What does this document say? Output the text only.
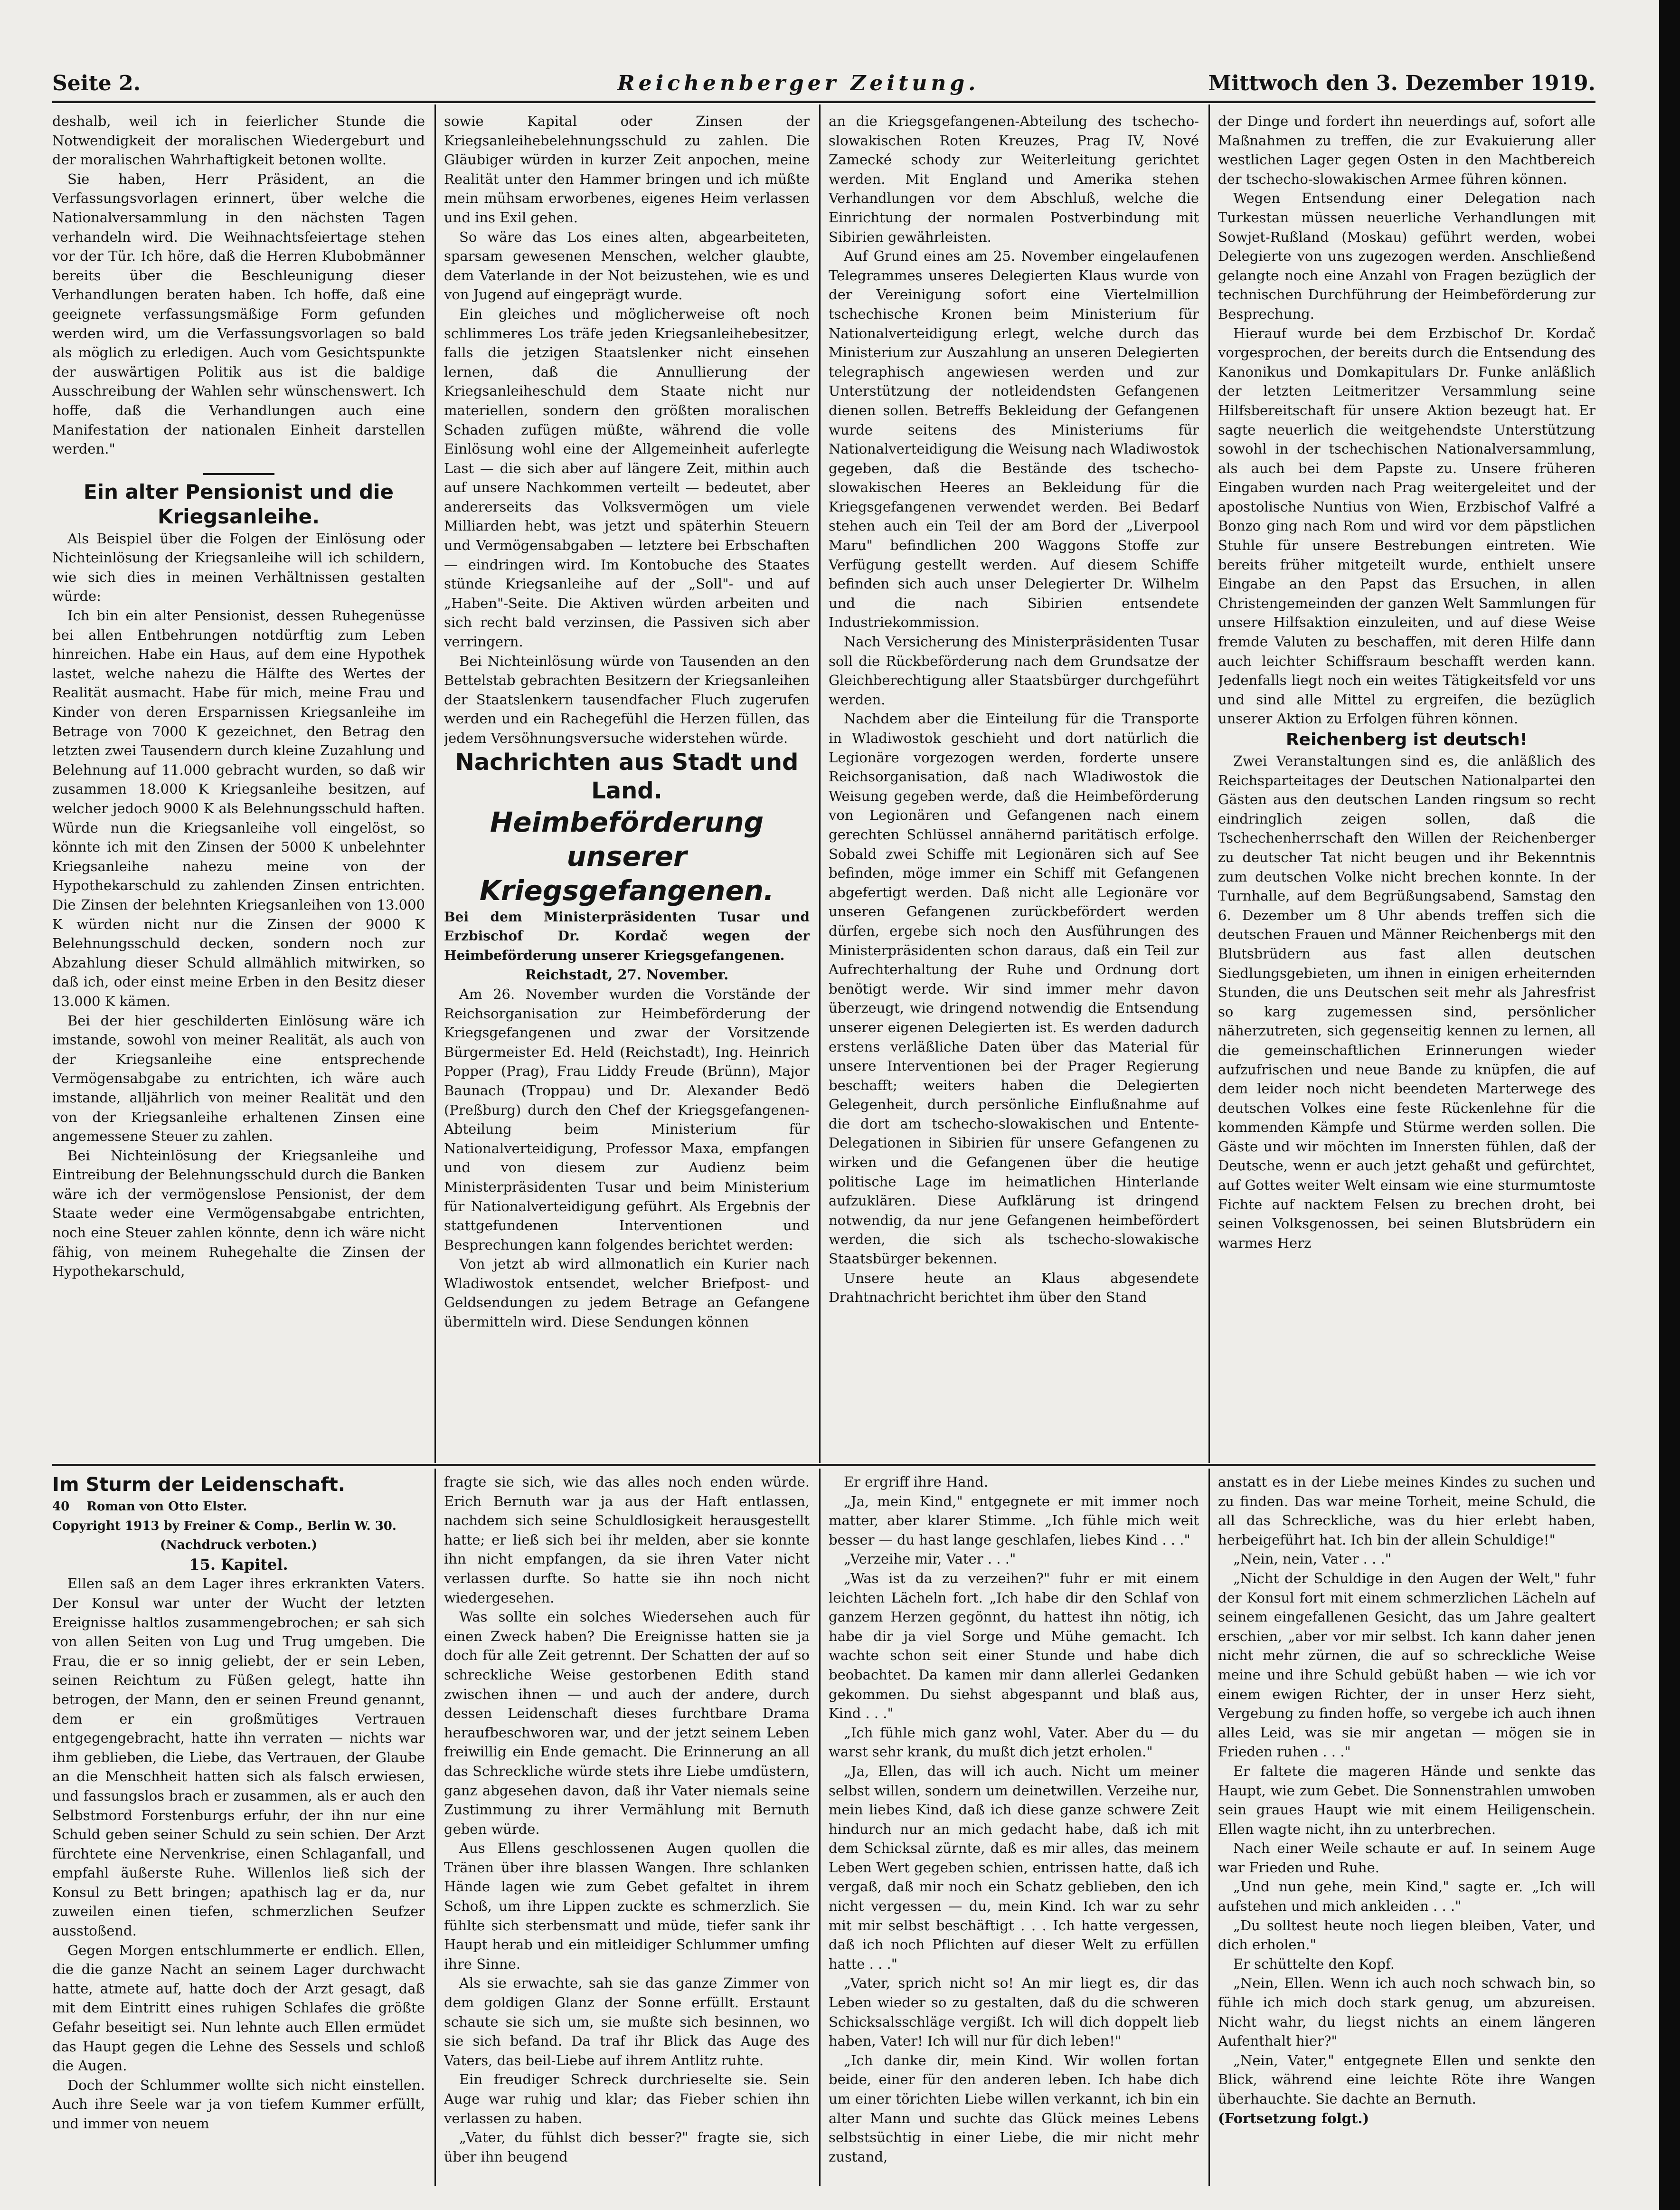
Seite 2.	Reichenberger Zeitung.	Mittwoch den 3. Dezember 1919.

deshalb, weil ich in feierlicher Stunde die Notwendigkeit der moralischen Wiedergeburt und der moralischen Wahrhaftigkeit betonen wollte.

Sie haben, Herr Präsident, an die Verfassungsvorlagen erinnert, über welche die Nationalversammlung in den nächsten Tagen verhandeln wird. Die Weihnachtsfeiertage stehen vor der Tür. Ich höre, daß die Herren Klubobmänner bereits über die Beschleunigung dieser Verhandlungen beraten haben. Ich hoffe, daß eine geeignete verfassungsmäßige Form gefunden werden wird, um die Verfassungsvorlagen so bald als möglich zu erledigen. Auch vom Gesichtspunkte der auswärtigen Politik aus ist die baldige Ausschreibung der Wahlen sehr wünschenswert. Ich hoffe, daß die Verhandlungen auch eine Manifestation der nationalen Einheit darstellen werden."

Ein alter Pensionist und die Kriegsanleihe.

Als Beispiel über die Folgen der Einlösung oder Nichteinlösung der Kriegsanleihe will ich schildern, wie sich dies in meinen Verhältnissen gestalten würde:

Ich bin ein alter Pensionist, dessen Ruhegenüsse bei allen Entbehrungen notdürftig zum Leben hinreichen. Habe ein Haus, auf dem eine Hypothek lastet, welche nahezu die Hälfte des Wertes der Realität ausmacht. Habe für mich, meine Frau und Kinder von deren Ersparnissen Kriegsanleihe im Betrage von 7000 K gezeichnet, den Betrag den letzten zwei Tausendern durch kleine Zuzahlung und Belehnung auf 11.000 gebracht wurden, so daß wir zusammen 18.000 K Kriegsanleihe besitzen, auf welcher jedoch 9000 K als Belehnungsschuld haften. Würde nun die Kriegsanleihe voll eingelöst, so könnte ich mit den Zinsen der 5000 K unbelehnter Kriegsanleihe nahezu meine von der Hypothekarschuld zu zahlenden Zinsen entrichten. Die Zinsen der belehnten Kriegsanleihen von 13.000 K würden nicht nur die Zinsen der 9000 K Belehnungsschuld decken, sondern noch zur Abzahlung dieser Schuld allmählich mitwirken, so daß ich, oder einst meine Erben in den Besitz dieser 13.000 K kämen.

Bei der hier geschilderten Einlösung wäre ich imstande, sowohl von meiner Realität, als auch von der Kriegsanleihe eine entsprechende Vermögensabgabe zu entrichten, ich wäre auch imstande, alljährlich von meiner Realität und den von der Kriegsanleihe erhaltenen Zinsen eine angemessene Steuer zu zahlen.

Bei Nichteinlösung der Kriegsanleihe und Eintreibung der Belehnungsschuld durch die Banken wäre ich der vermögenslose Pensionist, der dem Staate weder eine Vermögensabgabe entrichten, noch eine Steuer zahlen könnte, denn ich wäre nicht fähig, von meinem Ruhegehalte die Zinsen der Hypothekarschuld,

sowie Kapital oder Zinsen der Kriegsanleihebelehnungsschuld zu zahlen. Die Gläubiger würden in kurzer Zeit anpochen, meine Realität unter den Hammer bringen und ich müßte mein mühsam erworbenes, eigenes Heim verlassen und ins Exil gehen.

So wäre das Los eines alten, abgearbeiteten, sparsam gewesenen Menschen, welcher glaubte, dem Vaterlande in der Not beizustehen, wie es und von Jugend auf eingeprägt wurde.

Ein gleiches und möglicherweise oft noch schlimmeres Los träfe jeden Kriegsanleihebesitzer, falls die jetzigen Staatslenker nicht einsehen lernen, daß die Annullierung der Kriegsanleiheschuld dem Staate nicht nur materiellen, sondern den größten moralischen Schaden zufügen müßte, während die volle Einlösung wohl eine der Allgemeinheit auferlegte Last — die sich aber auf längere Zeit, mithin auch auf unsere Nachkommen verteilt — bedeutet, aber andererseits das Volksvermögen um viele Milliarden hebt, was jetzt und späterhin Steuern und Vermögensabgaben — letztere bei Erbschaften — eindringen wird. Im Kontobuche des Staates stünde Kriegsanleihe auf der „Soll"- und auf „Haben"-Seite. Die Aktiven würden arbeiten und sich recht bald verzinsen, die Passiven sich aber verringern.

Bei Nichteinlösung würde von Tausenden an den Bettelstab gebrachten Besitzern der Kriegsanleihen der Staatslenkern tausendfacher Fluch zugerufen werden und ein Rachegefühl die Herzen füllen, das jedem Versöhnungsversuche widerstehen würde.

Nachrichten aus Stadt und Land.

Heimbeförderung unserer Kriegsgefangenen.

Bei dem Ministerpräsidenten Tusar und Erzbischof Dr. Kordač wegen der Heimbeförderung unserer Kriegsgefangenen.

Reichstadt, 27. November.

Am 26. November wurden die Vorstände der Reichsorganisation zur Heimbeförderung der Kriegsgefangenen und zwar der Vorsitzende Bürgermeister Ed. Held (Reichstadt), Ing. Heinrich Popper (Prag), Frau Liddy Freude (Brünn), Major Baunach (Troppau) und Dr. Alexander Bedö (Preßburg) durch den Chef der Kriegsgefangenen-Abteilung beim Ministerium für Nationalverteidigung, Professor Maxa, empfangen und von diesem zur Audienz beim Ministerpräsidenten Tusar und beim Ministerium für Nationalverteidigung geführt. Als Ergebnis der stattgefundenen Interventionen und Besprechungen kann folgendes berichtet werden:

Von jetzt ab wird allmonatlich ein Kurier nach Wladiwostok entsendet, welcher Briefpost- und Geldsendungen zu jedem Betrage an Gefangene übermitteln wird. Diese Sendungen können

an die Kriegsgefangenen-Abteilung des tschecho-slowakischen Roten Kreuzes, Prag IV, Nové Zamecké schody zur Weiterleitung gerichtet werden. Mit England und Amerika stehen Verhandlungen vor dem Abschluß, welche die Einrichtung der normalen Postverbindung mit Sibirien gewährleisten.

Auf Grund eines am 25. November eingelaufenen Telegrammes unseres Delegierten Klaus wurde von der Vereinigung sofort eine Viertelmillion tschechische Kronen beim Ministerium für Nationalverteidigung erlegt, welche durch das Ministerium zur Auszahlung an unseren Delegierten telegraphisch angewiesen werden und zur Unterstützung der notleidendsten Gefangenen dienen sollen. Betreffs Bekleidung der Gefangenen wurde seitens des Ministeriums für Nationalverteidigung die Weisung nach Wladiwostok gegeben, daß die Bestände des tschecho-slowakischen Heeres an Bekleidung für die Kriegsgefangenen verwendet werden. Bei Bedarf stehen auch ein Teil der am Bord der „Liverpool Maru" befindlichen 200 Waggons Stoffe zur Verfügung gestellt werden. Auf diesem Schiffe befinden sich auch unser Delegierter Dr. Wilhelm und die nach Sibirien entsendete Industriekommission.

Nach Versicherung des Ministerpräsidenten Tusar soll die Rückbeförderung nach dem Grundsatze der Gleichberechtigung aller Staatsbürger durchgeführt werden.

Nachdem aber die Einteilung für die Transporte in Wladiwostok geschieht und dort natürlich die Legionäre vorgezogen werden, forderte unsere Reichsorganisation, daß nach Wladiwostok die Weisung gegeben werde, daß die Heimbeförderung von Legionären und Gefangenen nach einem gerechten Schlüssel annähernd paritätisch erfolge. Sobald zwei Schiffe mit Legionären sich auf See befinden, möge immer ein Schiff mit Gefangenen abgefertigt werden. Daß nicht alle Legionäre vor unseren Gefangenen zurückbefördert werden dürfen, ergebe sich noch den Ausführungen des Ministerpräsidenten schon daraus, daß ein Teil zur Aufrechterhaltung der Ruhe und Ordnung dort benötigt werde. Wir sind immer mehr davon überzeugt, wie dringend notwendig die Entsendung unserer eigenen Delegierten ist. Es werden dadurch erstens verläßliche Daten über das Material für unsere Interventionen bei der Prager Regierung beschafft; weiters haben die Delegierten Gelegenheit, durch persönliche Einflußnahme auf die dort am tschecho-slowakischen und Entente-Delegationen in Sibirien für unsere Gefangenen zu wirken und die Gefangenen über die heutige politische Lage im heimatlichen Hinterlande aufzuklären. Diese Aufklärung ist dringend notwendig, da nur jene Gefangenen heimbefördert werden, die sich als tschecho-slowakische Staatsbürger bekennen.

Unsere heute an Klaus abgesendete Drahtnachricht berichtet ihm über den Stand

der Dinge und fordert ihn neuerdings auf, sofort alle Maßnahmen zu treffen, die zur Evakuierung aller westlichen Lager gegen Osten in den Machtbereich der tschecho-slowakischen Armee führen können.

Wegen Entsendung einer Delegation nach Turkestan müssen neuerliche Verhandlungen mit Sowjet-Rußland (Moskau) geführt werden, wobei Delegierte von uns zugezogen werden. Anschließend gelangte noch eine Anzahl von Fragen bezüglich der technischen Durchführung der Heimbeförderung zur Besprechung.

Hierauf wurde bei dem Erzbischof Dr. Kordač vorgesprochen, der bereits durch die Entsendung des Kanonikus und Domkapitulars Dr. Funke anläßlich der letzten Leitmeritzer Versammlung seine Hilfsbereitschaft für unsere Aktion bezeugt hat. Er sagte neuerlich die weitgehendste Unterstützung sowohl in der tschechischen Nationalversammlung, als auch bei dem Papste zu. Unsere früheren Eingaben wurden nach Prag weitergeleitet und der apostolische Nuntius von Wien, Erzbischof Valfré a Bonzo ging nach Rom und wird vor dem päpstlichen Stuhle für unsere Bestrebungen eintreten. Wie bereits früher mitgeteilt wurde, enthielt unsere Eingabe an den Papst das Ersuchen, in allen Christengemeinden der ganzen Welt Sammlungen für unsere Hilfsaktion einzuleiten, und auf diese Weise fremde Valuten zu beschaffen, mit deren Hilfe dann auch leichter Schiffsraum beschafft werden kann. Jedenfalls liegt noch ein weites Tätigkeitsfeld vor uns und sind alle Mittel zu ergreifen, die bezüglich unserer Aktion zu Erfolgen führen können.

Reichenberg ist deutsch!

Zwei Veranstaltungen sind es, die anläßlich des Reichsparteitages der Deutschen Nationalpartei den Gästen aus den deutschen Landen ringsum so recht eindringlich zeigen sollen, daß die Tschechenherrschaft den Willen der Reichenberger zu deutscher Tat nicht beugen und ihr Bekenntnis zum deutschen Volke nicht brechen konnte. In der Turnhalle, auf dem Begrüßungsabend, Samstag den 6. Dezember um 8 Uhr abends treffen sich die deutschen Frauen und Männer Reichenbergs mit den Blutsbrüdern aus fast allen deutschen Siedlungsgebieten, um ihnen in einigen erheiternden Stunden, die uns Deutschen seit mehr als Jahresfrist so karg zugemessen sind, persönlicher näherzutreten, sich gegenseitig kennen zu lernen, all die gemeinschaftlichen Erinnerungen wieder aufzufrischen und neue Bande zu knüpfen, die auf dem leider noch nicht beendeten Marterwege des deutschen Volkes eine feste Rückenlehne für die kommenden Kämpfe und Stürme werden sollen. Die Gäste und wir möchten im Innersten fühlen, daß der Deutsche, wenn er auch jetzt gehaßt und gefürchtet, auf Gottes weiter Welt einsam wie eine sturmumtoste Fichte auf nacktem Felsen zu brechen droht, bei seinen Volksgenossen, bei seinen Blutsbrüdern ein warmes Herz

Im Sturm der Leidenschaft.

40 Roman von Otto Elster.

Copyright 1913 by Freiner & Comp., Berlin W. 30.

(Nachdruck verboten.)

15. Kapitel.

Ellen saß an dem Lager ihres erkrankten Vaters. Der Konsul war unter der Wucht der letzten Ereignisse haltlos zusammengebrochen; er sah sich von allen Seiten von Lug und Trug umgeben. Die Frau, die er so innig geliebt, der er sein Leben, seinen Reichtum zu Füßen gelegt, hatte ihn betrogen, der Mann, den er seinen Freund genannt, dem er ein großmütiges Vertrauen entgegengebracht, hatte ihn verraten — nichts war ihm geblieben, die Liebe, das Vertrauen, der Glaube an die Menschheit hatten sich als falsch erwiesen, und fassungslos brach er zusammen, als er auch den Selbstmord Forstenburgs erfuhr, der ihn nur eine Schuld geben seiner Schuld zu sein schien. Der Arzt fürchtete eine Nervenkrise, einen Schlaganfall, und empfahl äußerste Ruhe. Willenlos ließ sich der Konsul zu Bett bringen; apathisch lag er da, nur zuweilen einen tiefen, schmerzlichen Seufzer ausstoßend.

Gegen Morgen entschlummerte er endlich. Ellen, die die ganze Nacht an seinem Lager durchwacht hatte, atmete auf, hatte doch der Arzt gesagt, daß mit dem Eintritt eines ruhigen Schlafes die größte Gefahr beseitigt sei. Nun lehnte auch Ellen ermüdet das Haupt gegen die Lehne des Sessels und schloß die Augen.

Doch der Schlummer wollte sich nicht einstellen. Auch ihre Seele war ja von tiefem Kummer erfüllt, und immer von neuem

fragte sie sich, wie das alles noch enden würde. Erich Bernuth war ja aus der Haft entlassen, nachdem sich seine Schuldlosigkeit herausgestellt hatte; er ließ sich bei ihr melden, aber sie konnte ihn nicht empfangen, da sie ihren Vater nicht verlassen durfte. So hatte sie ihn noch nicht wiedergesehen.

Was sollte ein solches Wiedersehen auch für einen Zweck haben? Die Ereignisse hatten sie ja doch für alle Zeit getrennt. Der Schatten der auf so schreckliche Weise gestorbenen Edith stand zwischen ihnen — und auch der andere, durch dessen Leidenschaft dieses furchtbare Drama heraufbeschworen war, und der jetzt seinem Leben freiwillig ein Ende gemacht. Die Erinnerung an all das Schreckliche würde stets ihre Liebe umdüstern, ganz abgesehen davon, daß ihr Vater niemals seine Zustimmung zu ihrer Vermählung mit Bernuth geben würde.

Aus Ellens geschlossenen Augen quollen die Tränen über ihre blassen Wangen. Ihre schlanken Hände lagen wie zum Gebet gefaltet in ihrem Schoß, um ihre Lippen zuckte es schmerzlich. Sie fühlte sich sterbensmatt und müde, tiefer sank ihr Haupt herab und ein mitleidiger Schlummer umfing ihre Sinne.

Als sie erwachte, sah sie das ganze Zimmer von dem goldigen Glanz der Sonne erfüllt. Erstaunt schaute sie sich um, sie mußte sich besinnen, wo sie sich befand. Da traf ihr Blick das Auge des Vaters, das beil-Liebe auf ihrem Antlitz ruhte.

Ein freudiger Schreck durchrieselte sie. Sein Auge war ruhig und klar; das Fieber schien ihn verlassen zu haben.

„Vater, du fühlst dich besser?" fragte sie, sich über ihn beugend

Er ergriff ihre Hand.

„Ja, mein Kind," entgegnete er mit immer noch matter, aber klarer Stimme. „Ich fühle mich weit besser — du hast lange geschlafen, liebes Kind . . ."

„Verzeihe mir, Vater . . ."

„Was ist da zu verzeihen?" fuhr er mit einem leichten Lächeln fort. „Ich habe dir den Schlaf von ganzem Herzen gegönnt, du hattest ihn nötig, ich habe dir ja viel Sorge und Mühe gemacht. Ich wachte schon seit einer Stunde und habe dich beobachtet. Da kamen mir dann allerlei Gedanken gekommen. Du siehst abgespannt und blaß aus, Kind . . ."

„Ich fühle mich ganz wohl, Vater. Aber du — du warst sehr krank, du mußt dich jetzt erholen."

„Ja, Ellen, das will ich auch. Nicht um meiner selbst willen, sondern um deinetwillen. Verzeihe nur, mein liebes Kind, daß ich diese ganze schwere Zeit hindurch nur an mich gedacht habe, daß ich mit dem Schicksal zürnte, daß es mir alles, das meinem Leben Wert gegeben schien, entrissen hatte, daß ich vergaß, daß mir noch ein Schatz geblieben, den ich nicht vergessen — du, mein Kind. Ich war zu sehr mit mir selbst beschäftigt . . . Ich hatte vergessen, daß ich noch Pflichten auf dieser Welt zu erfüllen hatte . . ."

„Vater, sprich nicht so! An mir liegt es, dir das Leben wieder so zu gestalten, daß du die schweren Schicksalsschläge vergißt. Ich will dich doppelt lieb haben, Vater! Ich will nur für dich leben!"

„Ich danke dir, mein Kind. Wir wollen fortan beide, einer für den anderen leben. Ich habe dich um einer törichten Liebe willen verkannt, ich bin ein alter Mann und suchte das Glück meines Lebens selbstsüchtig in einer Liebe, die mir nicht mehr zustand,

anstatt es in der Liebe meines Kindes zu suchen und zu finden. Das war meine Torheit, meine Schuld, die all das Schreckliche, was du hier erlebt haben, herbeigeführt hat. Ich bin der allein Schuldige!"

„Nein, nein, Vater . . ."

„Nicht der Schuldige in den Augen der Welt," fuhr der Konsul fort mit einem schmerzlichen Lächeln auf seinem eingefallenen Gesicht, das um Jahre gealtert erschien, „aber vor mir selbst. Ich kann daher jenen nicht mehr zürnen, die auf so schreckliche Weise meine und ihre Schuld gebüßt haben — wie ich vor einem ewigen Richter, der in unser Herz sieht, Vergebung zu finden hoffe, so vergebe ich auch ihnen alles Leid, was sie mir angetan — mögen sie in Frieden ruhen . . ."

Er faltete die mageren Hände und senkte das Haupt, wie zum Gebet. Die Sonnenstrahlen umwoben sein graues Haupt wie mit einem Heiligenschein. Ellen wagte nicht, ihn zu unterbrechen.

Nach einer Weile schaute er auf. In seinem Auge war Frieden und Ruhe.

„Und nun gehe, mein Kind," sagte er. „Ich will aufstehen und mich ankleiden . . ."

„Du solltest heute noch liegen bleiben, Vater, und dich erholen."

Er schüttelte den Kopf.

„Nein, Ellen. Wenn ich auch noch schwach bin, so fühle ich mich doch stark genug, um abzureisen. Nicht wahr, du liegst nichts an einem längeren Aufenthalt hier?"

„Nein, Vater," entgegnete Ellen und senkte den Blick, während eine leichte Röte ihre Wangen überhauchte. Sie dachte an Bernuth.

(Fortsetzung folgt.)
